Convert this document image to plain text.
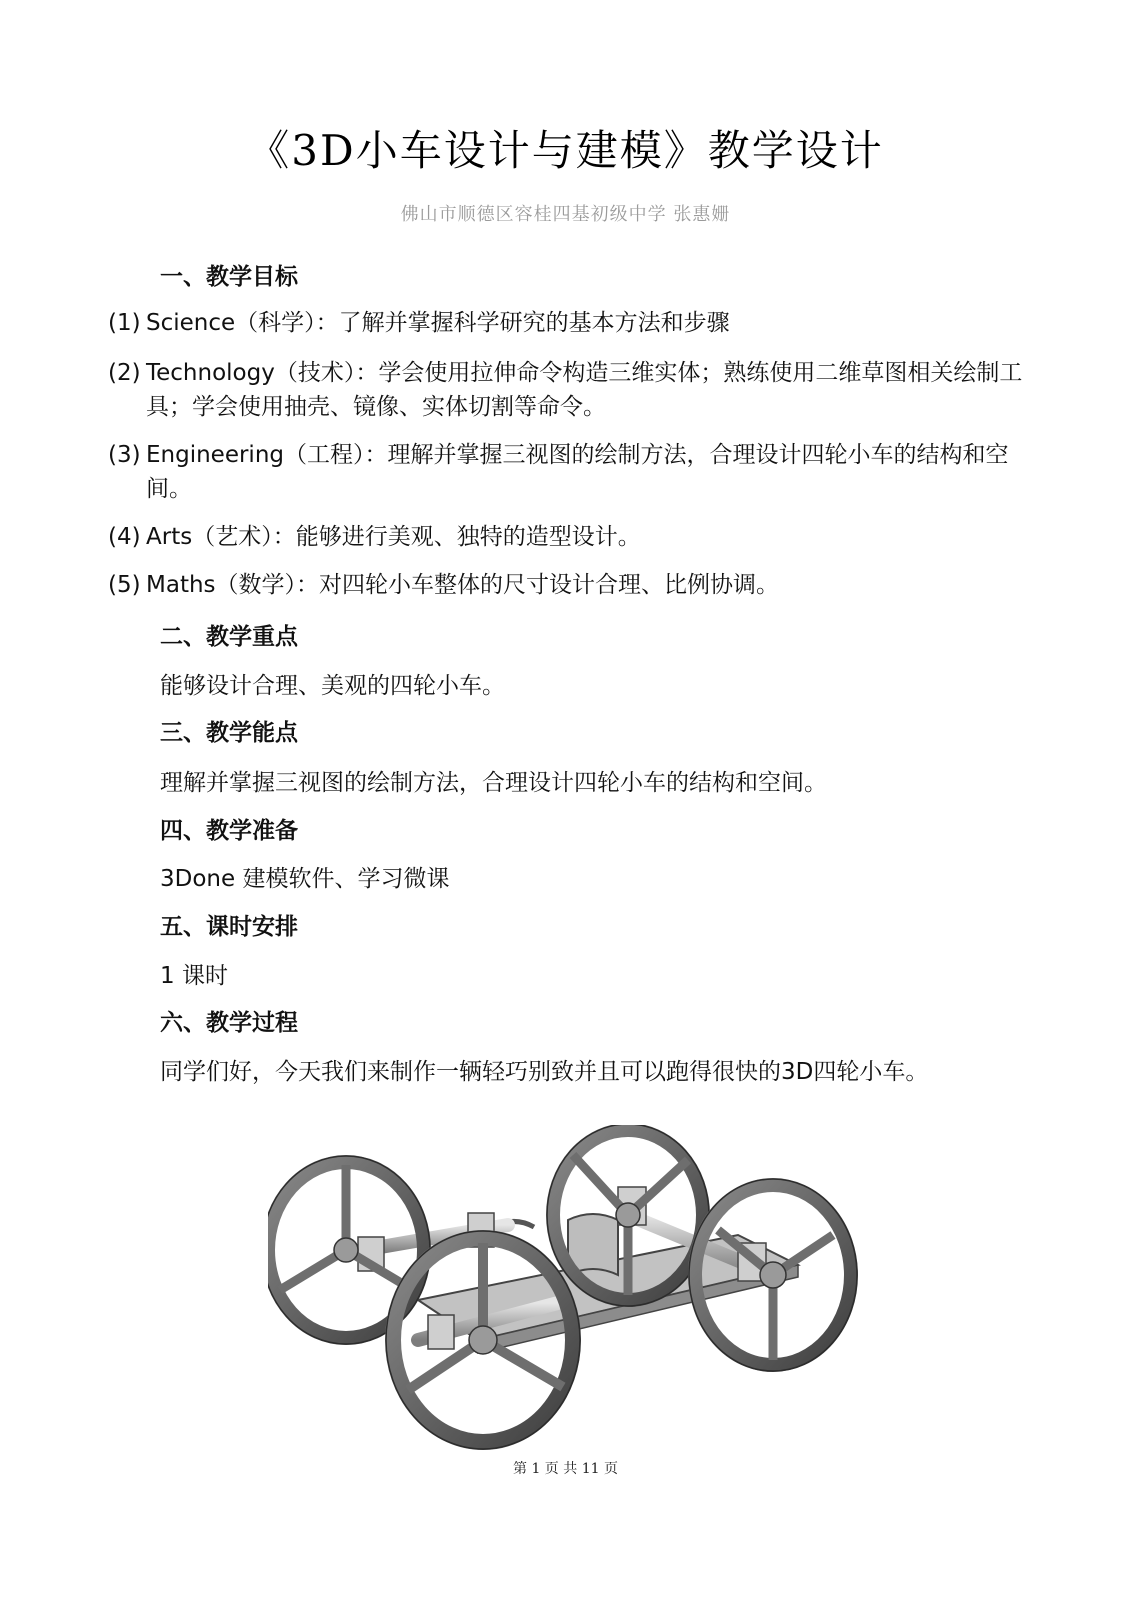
《3D小车设计与建模》教学设计
佛山市顺德区容桂四基初级中学 张惠姗
一、教学目标
(1) Science（科学）：了解并掌握科学研究的基本方法和步骤
(2) Technology（技术）：学会使用拉伸命令构造三维实体；熟练使用二维草图相关绘制工具；学会使用抽壳、镜像、实体切割等命令。
(3) Engineering（工程）：理解并掌握三视图的绘制方法，合理设计四轮小车的结构和空间。
(4) Arts（艺术）：能够进行美观、独特的造型设计。
(5) Maths（数学）：对四轮小车整体的尺寸设计合理、比例协调。
二、教学重点
能够设计合理、美观的四轮小车。
三、教学能点
理解并掌握三视图的绘制方法，合理设计四轮小车的结构和空间。
四、教学准备
3Done 建模软件、学习微课
五、课时安排
1 课时
六、教学过程
同学们好，今天我们来制作一辆轻巧别致并且可以跑得很快的3D四轮小车。
第 1 页 共 11 页
